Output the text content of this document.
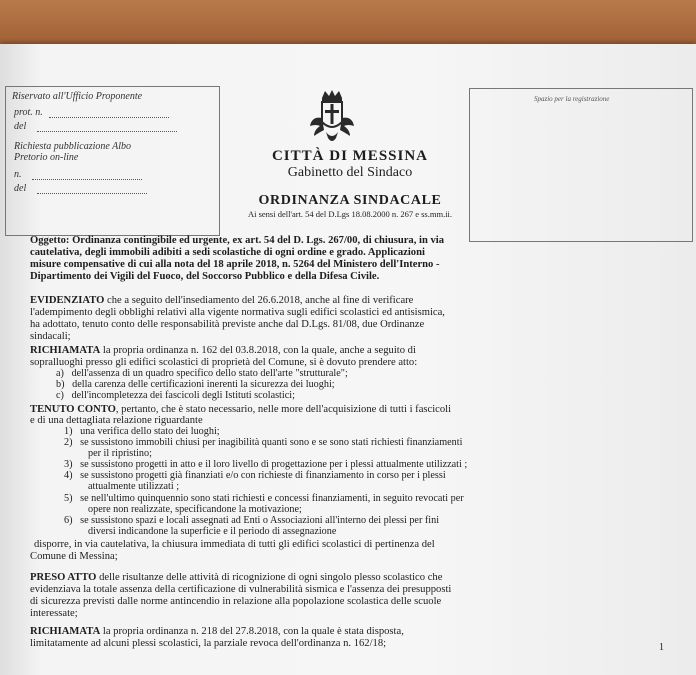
Riservato all'Ufficio Proponente
prot. n.
del
Richiesta pubblicazione Albo
Pretorio on-line
n.
del
Spazio per la registrazione
CITTÀ DI MESSINA
Gabinetto del Sindaco
ORDINANZA SINDACALE
Ai sensi dell'art. 54 del D.Lgs 18.08.2000 n. 267 e ss.mm.ii.
Oggetto: Ordinanza contingibile ed urgente, ex art. 54 del D. Lgs. 267/00, di chiusura, in via
cautelativa, degli immobili adibiti a sedi scolastiche di ogni ordine e grado. Applicazioni
misure compensative di cui alla nota del 18 aprile 2018, n. 5264 del Ministero dell'Interno -
Dipartimento dei Vigili del Fuoco, del Soccorso Pubblico e della Difesa Civile.
EVIDENZIATO che a seguito dell'insediamento del 26.6.2018, anche al fine di verificare
l'adempimento degli obblighi relativi alla vigente normativa sugli edifici scolastici ed antisismica,
ha adottato, tenuto conto delle responsabilità previste anche dal D.Lgs. 81/08, due Ordinanze
sindacali;
RICHIAMATA la propria ordinanza n. 162 del 03.8.2018, con la quale, anche a seguito di
sopralluoghi presso gli edifici scolastici di proprietà del Comune, si è dovuto prendere atto:
a) dell'assenza di un quadro specifico dello stato dell'arte "strutturale";
b) della carenza delle certificazioni inerenti la sicurezza dei luoghi;
c) dell'incompletezza dei fascicoli degli Istituti scolastici;
TENUTO CONTO, pertanto, che è stato necessario, nelle more dell'acquisizione di tutti i fascicoli
e di una dettagliata relazione riguardante
1) una verifica dello stato dei luoghi;
2) se sussistono immobili chiusi per inagibilità quanti sono e se sono stati richiesti finanziamenti
per il ripristino;
3) se sussistono progetti in atto e il loro livello di progettazione per i plessi attualmente utilizzati ;
4) se sussistono progetti già finanziati e/o con richieste di finanziamento in corso per i plessi
attualmente utilizzati ;
5) se nell'ultimo quinquennio sono stati richiesti e concessi finanziamenti, in seguito revocati per
opere non realizzate, specificandone la motivazione;
6) se sussistono spazi e locali assegnati ad Enti o Associazioni all'interno dei plessi per fini
diversi indicandone la superficie e il periodo di assegnazione
disporre, in via cautelativa, la chiusura immediata di tutti gli edifici scolastici di pertinenza del
Comune di Messina;
PRESO ATTO delle risultanze delle attività di ricognizione di ogni singolo plesso scolastico che
evidenziava la totale assenza della certificazione di vulnerabilità sismica e l'assenza dei presupposti
di sicurezza previsti dalle norme antincendio in relazione alla popolazione scolastica delle scuole
interessate;
RICHIAMATA la propria ordinanza n. 218 del 27.8.2018, con la quale è stata disposta,
limitatamente ad alcuni plessi scolastici, la parziale revoca dell'ordinanza n. 162/18;	1
